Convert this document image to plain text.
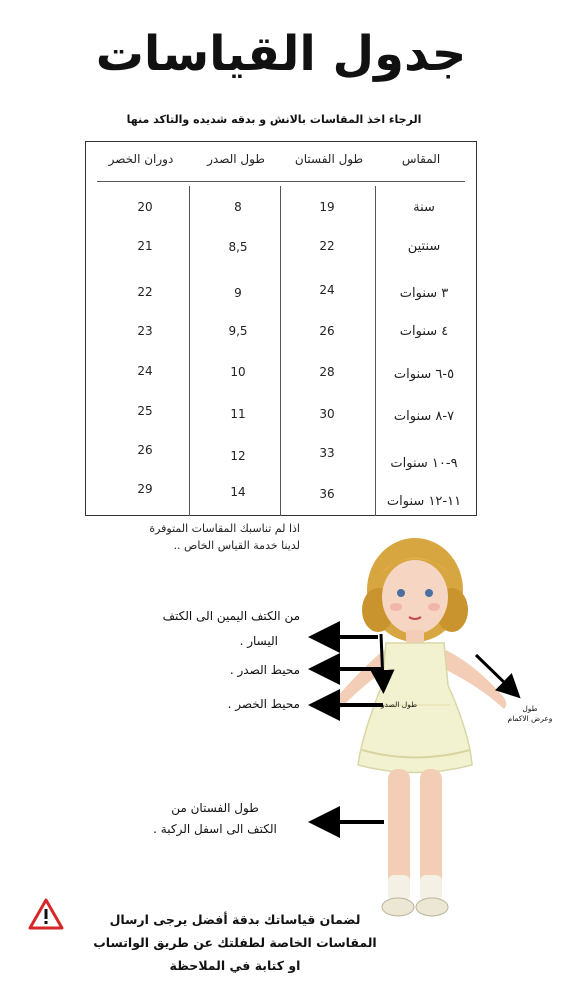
جدول القياسات
الرجاء اخذ المقاسات بالانش و بدقه شديده والتاكد منها
المقاس
طول الفستان
طول الصدر
دوران الخصر
20
21
22
23
24
25
26
29
8
8,5
9
9,5
10
11
12
14
19
22
24
26
28
30
33
36
سنة
سنتين
٣ سنوات
٤ سنوات
٥-٦ سنوات
٧-٨ سنوات
٩-١٠ سنوات
١١-١٢ سنوات
اذا لم تناسبك المقاسات المتوفرة
لدينا خدمة القياس الخاص ..
من الكتف اليمين الى الكتف
اليسار .
محيط الصدر .
محيط الخصر .
طول الفستان من
الكتف الى اسفل الركبة .
طول الصدر	طول
وعرض الاكمام
لضمان قياساتك بدقة أفضل يرجى ارسال
المقاسات الخاصة لطفلتك عن طريق الواتساب
او كتابة في الملاحظة
